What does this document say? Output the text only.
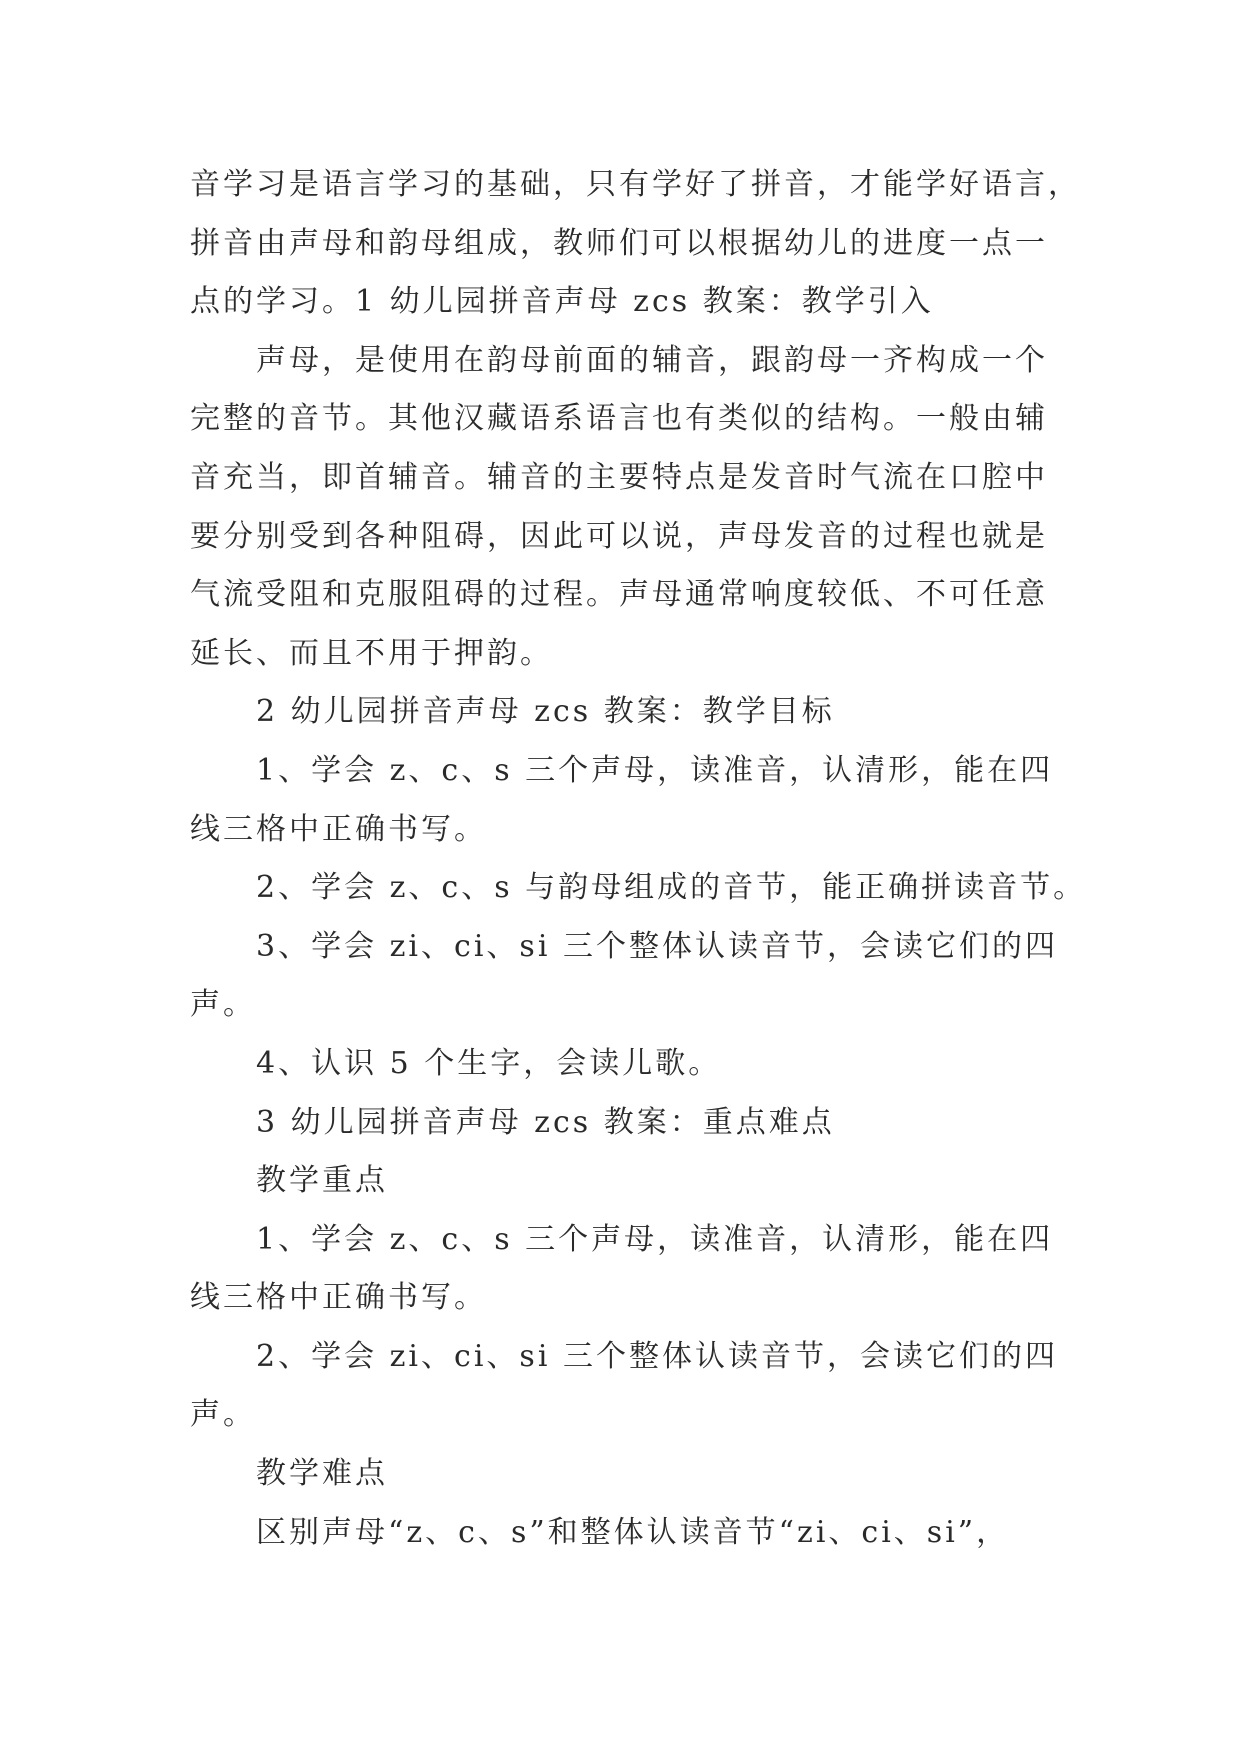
音学习是语言学习的基础，只有学好了拼音，才能学好语言，
拼音由声母和韵母组成，教师们可以根据幼儿的进度一点一
点的学习。1 幼儿园拼音声母 zcs 教案：教学引入
声母，是使用在韵母前面的辅音，跟韵母一齐构成一个
完整的音节。其他汉藏语系语言也有类似的结构。一般由辅
音充当，即首辅音。辅音的主要特点是发音时气流在口腔中
要分别受到各种阻碍，因此可以说，声母发音的过程也就是
气流受阻和克服阻碍的过程。声母通常响度较低、不可任意
延长、而且不用于押韵。
2 幼儿园拼音声母 zcs 教案：教学目标
1、学会 z、c、s 三个声母，读准音，认清形，能在四
线三格中正确书写。
2、学会 z、c、s 与韵母组成的音节，能正确拼读音节。
3、学会 zi、ci、si 三个整体认读音节，会读它们的四
声。
4、认识 5 个生字，会读儿歌。
3 幼儿园拼音声母 zcs 教案：重点难点
教学重点
1、学会 z、c、s 三个声母，读准音，认清形，能在四
线三格中正确书写。
2、学会 zi、ci、si 三个整体认读音节，会读它们的四
声。
教学难点
区别声母“z、c、s”和整体认读音节“zi、ci、si”，
